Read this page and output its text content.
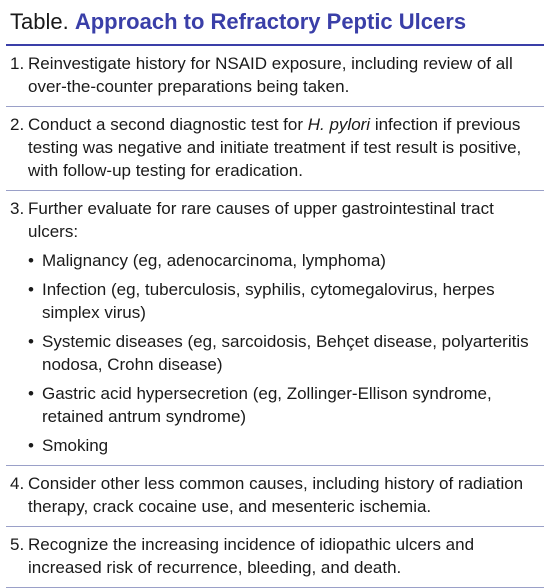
Table. Approach to Refractory Peptic Ulcers
1. Reinvestigate history for NSAID exposure, including review of all over-the-counter preparations being taken.
2. Conduct a second diagnostic test for H. pylori infection if previous testing was negative and initiate treatment if test result is positive, with follow-up testing for eradication.
3. Further evaluate for rare causes of upper gastrointestinal tract ulcers:
• Malignancy (eg, adenocarcinoma, lymphoma)
• Infection (eg, tuberculosis, syphilis, cytomegalovirus, herpes simplex virus)
• Systemic diseases (eg, sarcoidosis, Behçet disease, polyarteritis nodosa, Crohn disease)
• Gastric acid hypersecretion (eg, Zollinger-Ellison syndrome, retained antrum syndrome)
• Smoking
4. Consider other less common causes, including history of radiation therapy, crack cocaine use, and mesenteric ischemia.
5. Recognize the increasing incidence of idiopathic ulcers and increased risk of recurrence, bleeding, and death.
